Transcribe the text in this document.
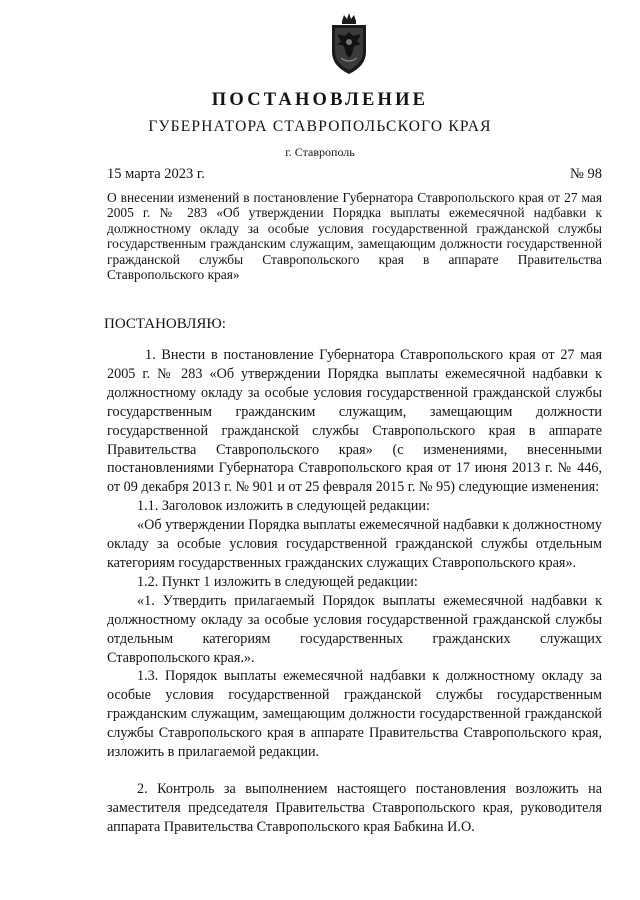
ПОСТАНОВЛЕНИЕ
ГУБЕРНАТОРА СТАВРОПОЛЬСКОГО КРАЯ
г. Ставрополь
15 марта 2023 г.	№ 98

О внесении изменений в постановление Губернатора Ставропольского края от 27 мая 2005 г. № 283 «Об утверждении Порядка выплаты ежемесячной надбавки к должностному окладу за особые условия государственной гражданской службы государственным гражданским служащим, замещающим должности государственной гражданской службы Ставропольского края в аппарате Правительства Ставропольского края»

ПОСТАНОВЛЯЮ:

1. Внести в постановление Губернатора Ставропольского края от 27 мая 2005 г. № 283 «Об утверждении Порядка выплаты ежемесячной надбавки к должностному окладу за особые условия государственной гражданской службы государственным гражданским служащим, замещающим должности государственной гражданской службы Ставропольского края в аппарате Правительства Ставропольского края» (с изменениями, внесенными постановлениями Губернатора Ставропольского края от 17 июня 2013 г. № 446, от 09 декабря 2013 г. № 901 и от 25 февраля 2015 г. № 95) следующие изменения:

1.1. Заголовок изложить в следующей редакции:

«Об утверждении Порядка выплаты ежемесячной надбавки к должностному окладу за особые условия государственной гражданской службы отдельным категориям государственных гражданских служащих Ставропольского края».

1.2. Пункт 1 изложить в следующей редакции:

«1. Утвердить прилагаемый Порядок выплаты ежемесячной надбавки к должностному окладу за особые условия государственной гражданской службы отдельным категориям государственных гражданских служащих Ставропольского края.».

1.3. Порядок выплаты ежемесячной надбавки к должностному окладу за особые условия государственной гражданской службы государственным гражданским служащим, замещающим должности государственной гражданской службы Ставропольского края в аппарате Правительства Ставропольского края, изложить в прилагаемой редакции.

2. Контроль за выполнением настоящего постановления возложить на заместителя председателя Правительства Ставропольского края, руководителя аппарата Правительства Ставропольского края Бабкина И.О.
